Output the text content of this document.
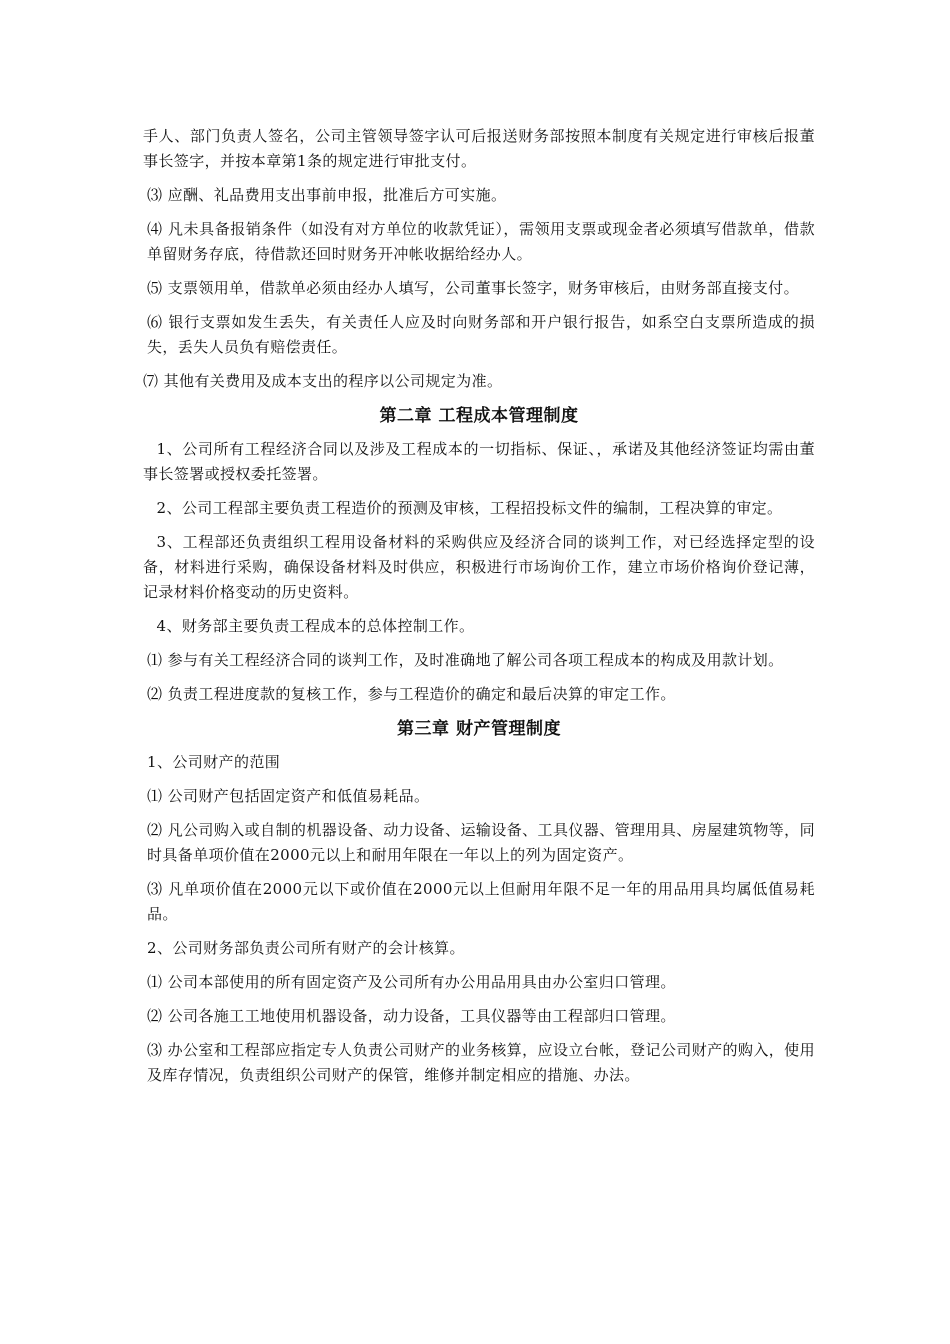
手人、部门负责人签名，公司主管领导签字认可后报送财务部按照本制度有关规定进行审核后报董事长签字，并按本章第1条的规定进行审批支付。

⑶ 应酬、礼品费用支出事前申报，批准后方可实施。

⑷ 凡未具备报销条件（如没有对方单位的收款凭证），需领用支票或现金者必须填写借款单，借款单留财务存底，待借款还回时财务开冲帐收据给经办人。

⑸ 支票领用单，借款单必须由经办人填写，公司董事长签字，财务审核后，由财务部直接支付。

⑹ 银行支票如发生丢失，有关责任人应及时向财务部和开户银行报告，如系空白支票所造成的损失，丢失人员负有赔偿责任。

⑺ 其他有关费用及成本支出的程序以公司规定为准。

第二章 工程成本管理制度

1、公司所有工程经济合同以及涉及工程成本的一切指标、保证、，承诺及其他经济签证均需由董事长签署或授权委托签署。

2、公司工程部主要负责工程造价的预测及审核，工程招投标文件的编制，工程决算的审定。

3、工程部还负责组织工程用设备材料的采购供应及经济合同的谈判工作，对已经选择定型的设备，材料进行采购，确保设备材料及时供应，积极进行市场询价工作，建立市场价格询价登记薄，记录材料价格变动的历史资料。

4、财务部主要负责工程成本的总体控制工作。

⑴ 参与有关工程经济合同的谈判工作，及时准确地了解公司各项工程成本的构成及用款计划。

⑵ 负责工程进度款的复核工作，参与工程造价的确定和最后决算的审定工作。

第三章 财产管理制度

1、公司财产的范围

⑴ 公司财产包括固定资产和低值易耗品。

⑵ 凡公司购入或自制的机器设备、动力设备、运输设备、工具仪器、管理用具、房屋建筑物等，同时具备单项价值在2000元以上和耐用年限在一年以上的列为固定资产。

⑶ 凡单项价值在2000元以下或价值在2000元以上但耐用年限不足一年的用品用具均属低值易耗品。

2、公司财务部负责公司所有财产的会计核算。

⑴ 公司本部使用的所有固定资产及公司所有办公用品用具由办公室归口管理。

⑵ 公司各施工工地使用机器设备，动力设备，工具仪器等由工程部归口管理。

⑶ 办公室和工程部应指定专人负责公司财产的业务核算，应设立台帐，登记公司财产的购入，使用及库存情况，负责组织公司财产的保管，维修并制定相应的措施、办法。
